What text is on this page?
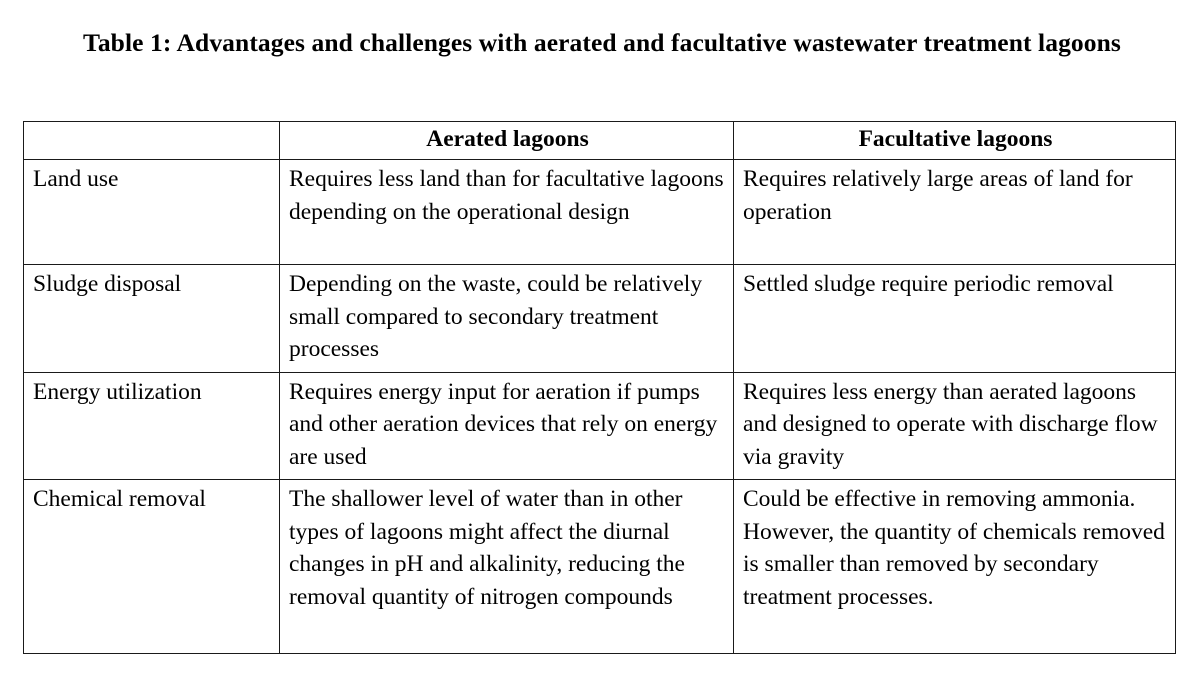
Table 1: Advantages and challenges with aerated and facultative wastewater treatment lagoons
	Aerated lagoons	Facultative lagoons
Land use	Requires less land than for facultative lagoons depending on the operational design	Requires relatively large areas of land for operation
Sludge disposal	Depending on the waste, could be relatively small compared to secondary treatment processes	Settled sludge require periodic removal
Energy utilization	Requires energy input for aeration if pumps and other aeration devices that rely on energy are used	Requires less energy than aerated lagoons and designed to operate with discharge flow via gravity
Chemical removal	The shallower level of water than in other types of lagoons might affect the diurnal changes in pH and alkalinity, reducing the removal quantity of nitrogen compounds	Could be effective in removing ammonia.  However, the quantity of chemicals removed is smaller than removed by secondary treatment processes.
